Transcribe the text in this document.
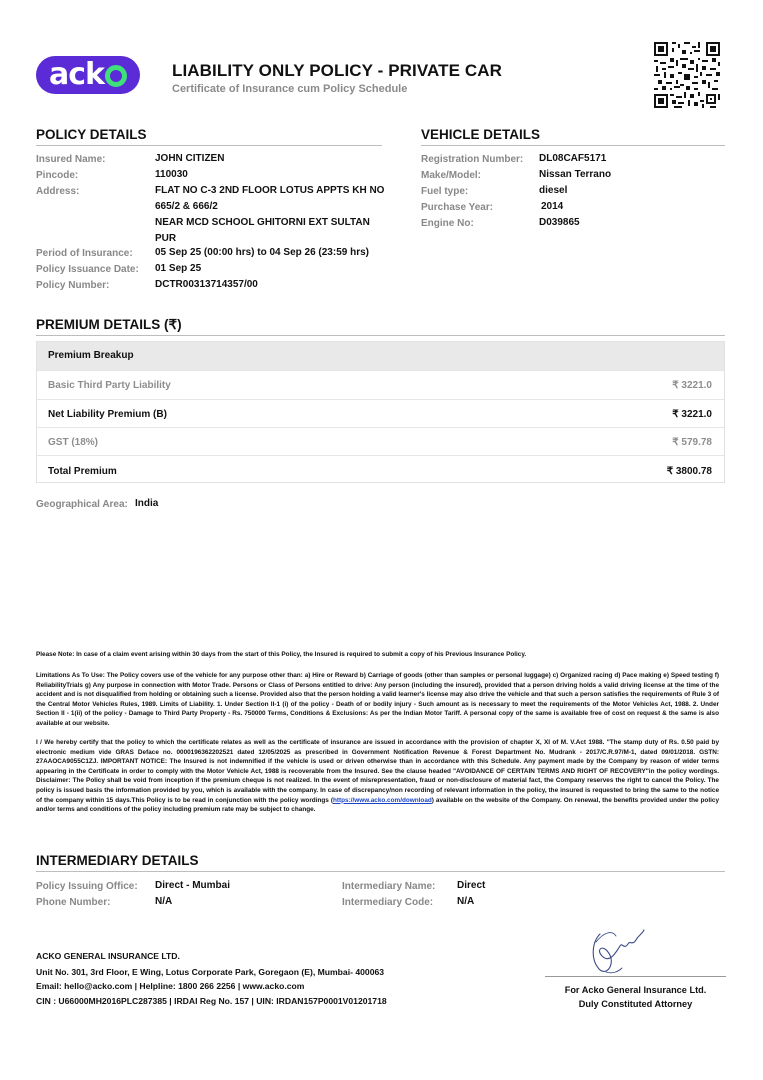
ack	LIABILITY ONLY POLICY - PRIVATE CAR
Certificate of Insurance cum Policy Schedule
POLICY DETAILS
Insured Name:	JOHN CITIZEN
Pincode:	110030
Address:	FLAT NO C-3 2ND FLOOR LOTUS APPTS KH NO
665/2 & 666/2
NEAR MCD SCHOOL GHITORNI EXT SULTAN
PUR
Period of Insurance: 05 Sep 25 (00:00 hrs) to 04 Sep 26 (23:59 hrs)
Policy Issuance Date: 01 Sep 25
Policy Number:	DCTR00313714357/00
VEHICLE DETAILS
Registration Number: DL08CAF5171
Make/Model:	Nissan Terrano
Fuel type:	diesel
Purchase Year:	2014
Engine No:	D039865
PREMIUM DETAILS (₹)
Premium Breakup
Basic Third Party Liability	₹ 3221.0
Net Liability Premium (B)	₹ 3221.0
GST (18%)	₹ 579.78
Total Premium	₹ 3800.78
Geographical Area: India
Please Note: In case of a claim event arising within 30 days from the start of this Policy, the Insured is required to submit a copy of his Previous Insurance Policy.
Limitations As To Use: The Policy covers use of the vehicle for any purpose other than: a) Hire or Reward b) Carriage of goods (other than samples or personal luggage) c) Organized racing d) Pace making e) Speed testing f) ReliabilityTrials g) Any purpose in connection with Motor Trade. Persons or Class of Persons entitled to drive: Any person (including the insured), provided that a person driving holds a valid driving license at the time of the accident and is not disqualified from holding or obtaining such a license. Provided also that the person holding a valid learner's license may also drive the vehicle and that such a person satisfies the requirements of Rule 3 of the Central Motor Vehicles Rules, 1989. Limits of Liability. 1. Under Section II-1 (i) of the policy - Death of or bodily injury - Such amount as is necessary to meet the requirements of the Motor Vehicles Act, 1988. 2. Under Section II - 1(ii) of the policy - Damage to Third Party Property - Rs. 750000 Terms, Conditions & Exclusions: As per the Indian Motor Tariff. A personal copy of the same is available free of cost on request & the same is also available at our website.
I / We hereby certify that the policy to which the certificate relates as well as the certificate of insurance are issued in accordance with the provision of chapter X, XI of M. V.Act 1988. "The stamp duty of Rs. 0.50 paid by electronic medium vide GRAS Deface no. 0000196362202521 dated 12/05/2025 as prescribed in Government Notification Revenue & Forest Department No. Mudrank - 2017/C.R.97/M-1, dated 09/01/2018. GSTN: 27AAOCA9055C1ZJ. IMPORTANT NOTICE: The Insured is not indemnified if the vehicle is used or driven otherwise than in accordance with this Schedule. Any payment made by the Company by reason of wider terms appearing in the Certificate in order to comply with the Motor Vehicle Act, 1988 is recoverable from the Insured. See the clause headed "AVOIDANCE OF CERTAIN TERMS AND RIGHT OF RECOVERY"in the policy wordings. Disclaimer: The Policy shall be void from inception if the premium cheque is not realized. In the event of misrepresentation, fraud or non-disclosure of material fact, the Company reserves the right to cancel the Policy. The policy is issued basis the information provided by you, which is available with the company. In case of discrepancy/non recording of relevant information in the policy, the insured is requested to bring the same to the notice of the company within 15 days.This Policy is to be read in conjunction with the policy wordings (https://www.acko.com/download) available on the website of the Company. On renewal, the benefits provided under the policy and/or terms and conditions of the policy including premium rate may be subject to change.
INTERMEDIARY DETAILS
Policy Issuing Office: Direct - Mumbai
Phone Number:	N/A
Intermediary Name: Direct
Intermediary Code: N/A
ACKO GENERAL INSURANCE LTD.
Unit No. 301, 3rd Floor, E Wing, Lotus Corporate Park, Goregaon (E), Mumbai- 400063
Email: hello@acko.com | Helpline: 1800 266 2256 | www.acko.com
CIN : U66000MH2016PLC287385 | IRDAI Reg No. 157 | UIN: IRDAN157P0001V01201718
For Acko General Insurance Ltd.
Duly Constituted Attorney
